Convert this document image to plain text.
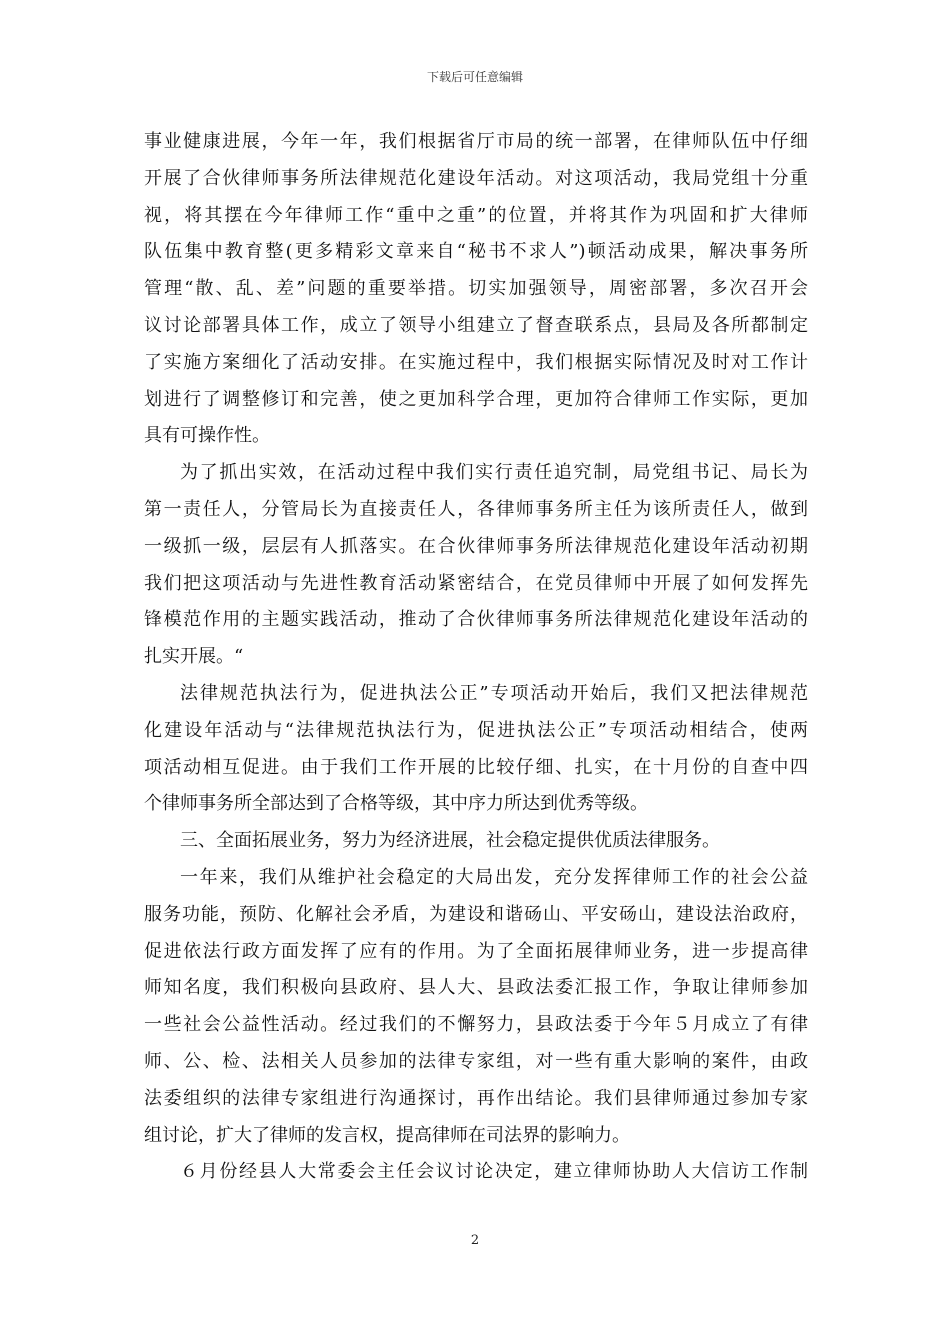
下载后可任意编辑
事业健康进展，今年一年，我们根据省厅市局的统一部署，在律师队伍中仔细
开展了合伙律师事务所法律规范化建设年活动。对这项活动，我局党组十分重
视，将其摆在今年律师工作“重中之重”的位置，并将其作为巩固和扩大律师
队伍集中教育整(更多精彩文章来自“秘书不求人”)顿活动成果，解决事务所
管理“散、乱、差”问题的重要举措。切实加强领导，周密部署，多次召开会
议讨论部署具体工作，成立了领导小组建立了督查联系点，县局及各所都制定
了实施方案细化了活动安排。在实施过程中，我们根据实际情况及时对工作计
划进行了调整修订和完善，使之更加科学合理，更加符合律师工作实际，更加
具有可操作性。
为了抓出实效，在活动过程中我们实行责任追究制，局党组书记、局长为
第一责任人，分管局长为直接责任人，各律师事务所主任为该所责任人，做到
一级抓一级，层层有人抓落实。在合伙律师事务所法律规范化建设年活动初期
我们把这项活动与先进性教育活动紧密结合，在党员律师中开展了如何发挥先
锋模范作用的主题实践活动，推动了合伙律师事务所法律规范化建设年活动的
扎实开展。“
法律规范执法行为，促进执法公正”专项活动开始后，我们又把法律规范
化建设年活动与“法律规范执法行为，促进执法公正”专项活动相结合，使两
项活动相互促进。由于我们工作开展的比较仔细、扎实，在十月份的自查中四
个律师事务所全部达到了合格等级，其中序力所达到优秀等级。
三、全面拓展业务，努力为经济进展，社会稳定提供优质法律服务。
一年来，我们从维护社会稳定的大局出发，充分发挥律师工作的社会公益
服务功能，预防、化解社会矛盾，为建设和谐砀山、平安砀山，建设法治政府，
促进依法行政方面发挥了应有的作用。为了全面拓展律师业务，进一步提高律
师知名度，我们积极向县政府、县人大、县政法委汇报工作，争取让律师参加
一些社会公益性活动。经过我们的不懈努力，县政法委于今年５月成立了有律
师、公、检、法相关人员参加的法律专家组，对一些有重大影响的案件，由政
法委组织的法律专家组进行沟通探讨，再作出结论。我们县律师通过参加专家
组讨论，扩大了律师的发言权，提高律师在司法界的影响力。
６月份经县人大常委会主任会议讨论决定，建立律师协助人大信访工作制
2
